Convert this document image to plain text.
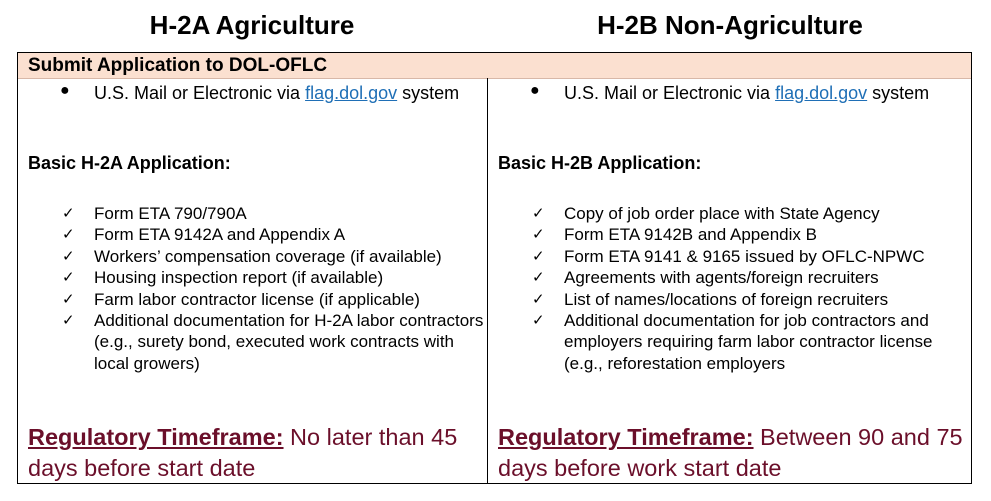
H-2A Agriculture	H-2B Non-Agriculture
Submit Application to DOL-OFLC
● U.S. Mail or Electronic via flag.dol.gov system
Basic H-2A Application:
✓ Form ETA 790/790A
✓ Form ETA 9142A and Appendix A
✓ Workers’ compensation coverage (if available)
✓ Housing inspection report (if available)
✓ Farm labor contractor license (if applicable)
✓ Additional documentation for H-2A labor contractors (e.g., surety bond, executed work contracts with local growers)
Regulatory Timeframe: No later than 45 days before start date
● U.S. Mail or Electronic via flag.dol.gov system
Basic H-2B Application:
✓ Copy of job order place with State Agency
✓ Form ETA 9142B and Appendix B
✓ Form ETA 9141 & 9165 issued by OFLC-NPWC
✓ Agreements with agents/foreign recruiters
✓ List of names/locations of foreign recruiters
✓ Additional documentation for job contractors and employers requiring farm labor contractor license (e.g., reforestation employers
Regulatory Timeframe: Between 90 and 75 days before work start date
